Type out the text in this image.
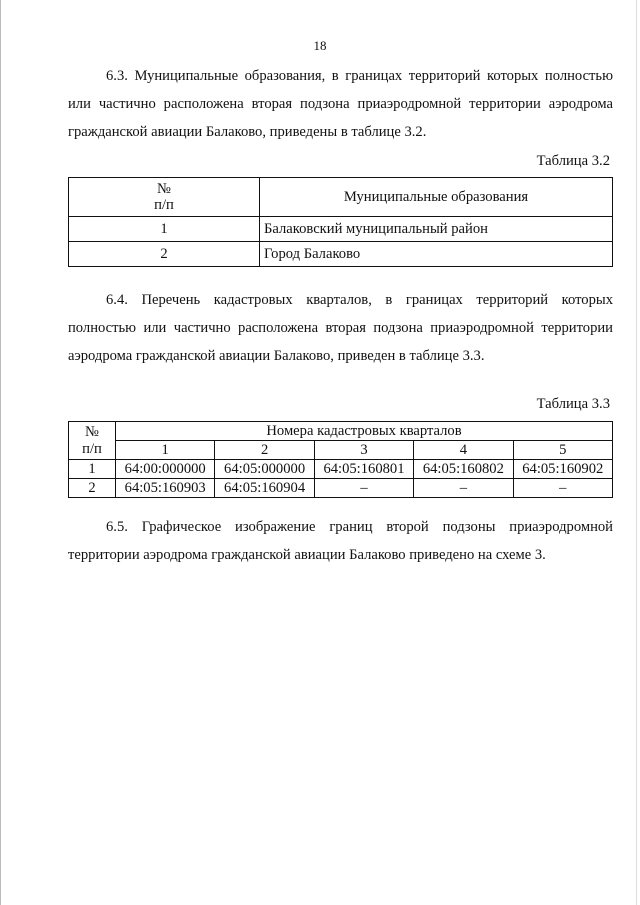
18
6.3. Муниципальные образования, в границах территорий которых полностью или частично расположена вторая подзона приаэродромной территории аэродрома гражданской авиации Балаково, приведены в таблице 3.2.
Таблица 3.2
№
п/п	Муниципальные образования
1	Балаковский муниципальный район
2	Город Балаково
6.4. Перечень кадастровых кварталов, в границах территорий которых полностью или частично расположена вторая подзона приаэродромной территории аэродрома гражданской авиации Балаково, приведен в таблице 3.3.
Таблица 3.3
№
п/п	Номера кадастровых кварталов				
	1	2	3	4	5
1	64:00:000000	64:05:000000	64:05:160801	64:05:160802	64:05:160902
2	64:05:160903	64:05:160904	–	–	–
6.5. Графическое изображение границ второй подзоны приаэродромной территории аэродрома гражданской авиации Балаково приведено на схеме 3.
